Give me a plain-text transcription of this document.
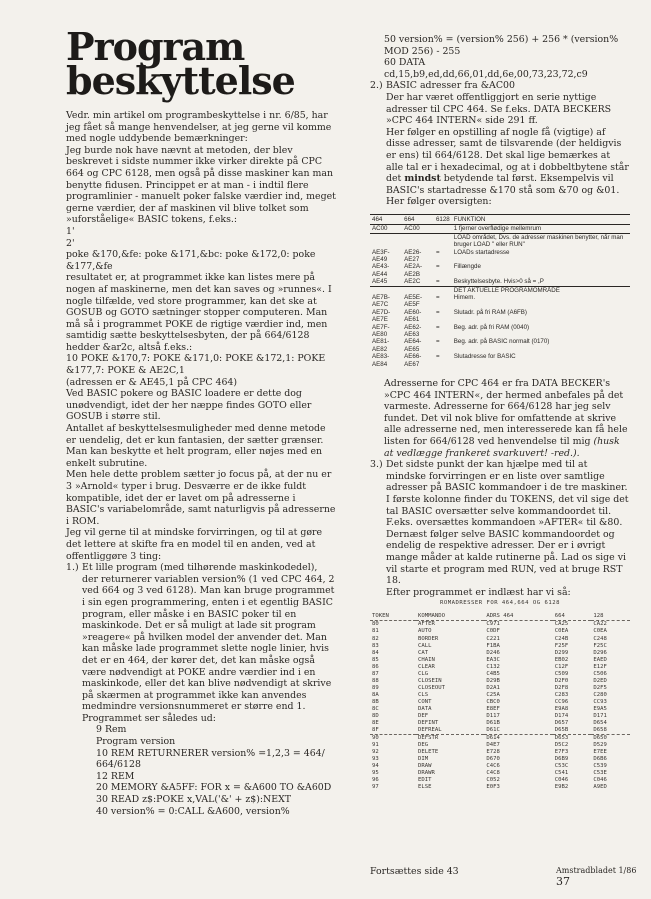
Program
beskyttelse

Vedr. min artikel om programbeskyttelse i nr. 6/85, har jeg fået så mange henvendelser, at jeg gerne vil komme med nogle uddybende bemærkninger:

Jeg burde nok have nævnt at metoden, der blev beskrevet i sidste nummer ikke virker direkte på CPC 664 og CPC 6128, men også på disse maskiner kan man benytte fidusen. Princippet er at man - i indtil flere programlinier - manuelt poker falske værdier ind, meget gerne værdier, der af maskinen vil blive tolket som »uforståelige« BASIC tokens, f.eks.:

1'

2'

poke &170,&fe: poke &171,&bc: poke &172,0: poke &177,&fe

resultatet er, at programmet ikke kan listes mere på nogen af maskinerne, men det kan saves og »runnes«. I nogle tilfælde, ved store programmer, kan det ske at GOSUB og GOTO sætninger stopper computeren. Man må så i programmet POKE de rigtige værdier ind, men samtidig sætte beskyttelsesbyten, der på 664/6128 hedder &ar2c, altså f.eks.:

10 POKE &170,7: POKE &171,0: POKE &172,1: POKE &177,7: POKE & AE2C,1

(adressen er & AE45,1 på CPC 464)

Ved BASIC pokere og BASIC loadere er dette dog unødvendigt, idet der her næppe findes GOTO eller GOSUB i større stil.

Antallet af beskyttelsesmuligheder med denne metode er uendelig, det er kun fantasien, der sætter grænser. Man kan beskytte et helt program, eller nøjes med en enkelt subrutine.

Men hele dette problem sætter jo focus på, at der nu er 3 »Arnold« typer i brug. Desværre er de ikke fuldt kompatible, idet der er lavet om på adresserne i BASIC's variabelområde, samt naturligvis på adresserne i ROM.

Jeg vil gerne til at mindske forvirringen, og til at gøre det lettere at skifte fra en model til en anden, ved at offentliggøre 3 ting:

1.) Et lille program (med tilhørende maskinkodedel), der returnerer variablen version% (1 ved CPC 464, 2 ved 664 og 3 ved 6128). Man kan bruge programmet i sin egen programmering, enten i et egentlig BASIC program, eller måske i en BASIC poker til en maskinkode. Det er så muligt at lade sit program »reagere« på hvilken model der anvender det. Man kan måske lade programmet slette nogle linier, hvis det er en 464, der kører det, det kan måske også være nødvendigt at POKE andre værdier ind i en maskinkode, eller det kan blive nødvendigt at skrive på skærmen at programmet ikke kan anvendes medmindre versionsnummeret er større end 1. Programmet ser således ud:

9 Rem

Program version

10 REM RETURNERER version% =1,2,3 = 464/ 664/6128

12 REM

20 MEMORY &A5FF: FOR x = &A600 TO &A60D

30 READ z$:POKE x,VAL('&' + z$):NEXT

40 version% = 0:CALL &A600, version%

50 version% = (version% 256) + 256 * (version% MOD 256) - 255

60 DATA

cd,15,b9,ed,dd,66,01,dd,6e,00,73,23,72,c9

2.) BASIC adresser fra &AC00

Der har været offentliggjort en serie nyttige adresser til CPC 464. Se f.eks. DATA BECKERS »CPC 464 INTERN« side 291 ff.

Her følger en opstilling af nogle få (vigtige) af disse adresser, samt de tilsvarende (der heldigvis er ens) til 664/6128. Det skal lige bemærkes at alle tal er i hexadecimal, og at i dobbeltbytene står det mindst betydende tal først. Eksempelvis vil BASIC's startadresse &170 stå som &70 og &01.

Her følger oversigten:

464	664	6128	FUNKTION
AC00	AC00		1 fjerner overflødige mellemrum
			LOAD området, Dvs. de adresser maskinen benytter, når man bruger LOAD " eller RUN"
AE3F-AE49	AE26-AE27	=	LOADs startadresse
AE43-AE44	AE2A-AE2B	=	Fillængde
AE45	AE2C	=	Beskyttelsesbyte. Hvis>0 så = ,P
			DET AKTUELLE PROGRAMOMRÅDE
AE7B-AE7C	AE5E-AE5F	=	Himem.
AE7D-AE7E	AE60-AE61	=	Slutadr. på fri RAM (A6FB)
AE7F-AE80	AE62-AE63	=	Beg. adr. på fri RAM (0040)
AE81-AE82	AE64-AE65	=	Beg. adr. på BASIC normalt (0170)
AE83-AE84	AE66-AE67	=	Slutadresse for BASIC

Adresserne for CPC 464 er fra DATA BECKER's »CPC 464 INTERN«, der hermed anbefales på det varmeste. Adresserne for 664/6128 har jeg selv fundet. Det vil nok blive for omfattende at skrive alle adresserne ned, men interesserede kan få hele listen for 664/6128 ved henvendelse til mig (husk at vedlægge frankeret svarkuvert! -red.).

3.) Det sidste punkt der kan hjælpe med til at mindske forvirringen er en liste over samtlige adresser på BASIC kommandoer i de tre maskiner. I første kolonne finder du TOKENS, det vil sige det tal BASIC oversætter selve kommandoordet til. F.eks. oversættes kommandoen »AFTER« til &80. Dernæst følger selve BASIC kommandoordet og endelig de respektive adresser. Der er i øvrigt mange måder at kalde rutinerne på. Lad os sige vi vil starte et program med RUN, ved at bruge RST 18.

Efter programmet er indlæst har vi så:

ROMADRESSER FOR 464,664 OG 6128
TOKEN	KOMMANDO	ADRS 464	664	128
80	AFTER	C971	CA25	CA22
81	AUTO	C0DF	C0EA	C0EA
82	BORDER	C221	C24B	C248
83	CALL	F1BA	F25F	F25C
84	CAT	D246	D299	D296
85	CHAIN	EA3C	EB02	EAED
86	CLEAR	C132	C12F	E12F
87	CLG	C4B5	C509	C506
88	CLOSEIN	D29B	D2F0	D2ED
89	CLOSEOUT	D2A1	D2F8	D2F5
8A	CLS	C25A	C283	C280
8B	CONT	CBC0	CC96	CC93
8C	DATA	E8EF	E9A8	E9A5
8D	DEF	D117	D174	D171
8E	DEFINT	D61B	D657	D654
8F	DEFREAL	D61C	D65B	D658
90	DEFSTR	D614	D653	D650
91	DEG	D4E7	D5C2	D529
92	DELETE	E728	E7F3	E7EE
93	DIM	D670	D6B9	D6B6
94	DRAW	C4C6	C53C	C539
95	DRAWR	C4C8	C541	C53E
96	EDIT	C052	C046	C046
97	ELSE	E0F3	E9B2	A9ED
Fortsættes side 43	Amstradbladet 1/86 37
